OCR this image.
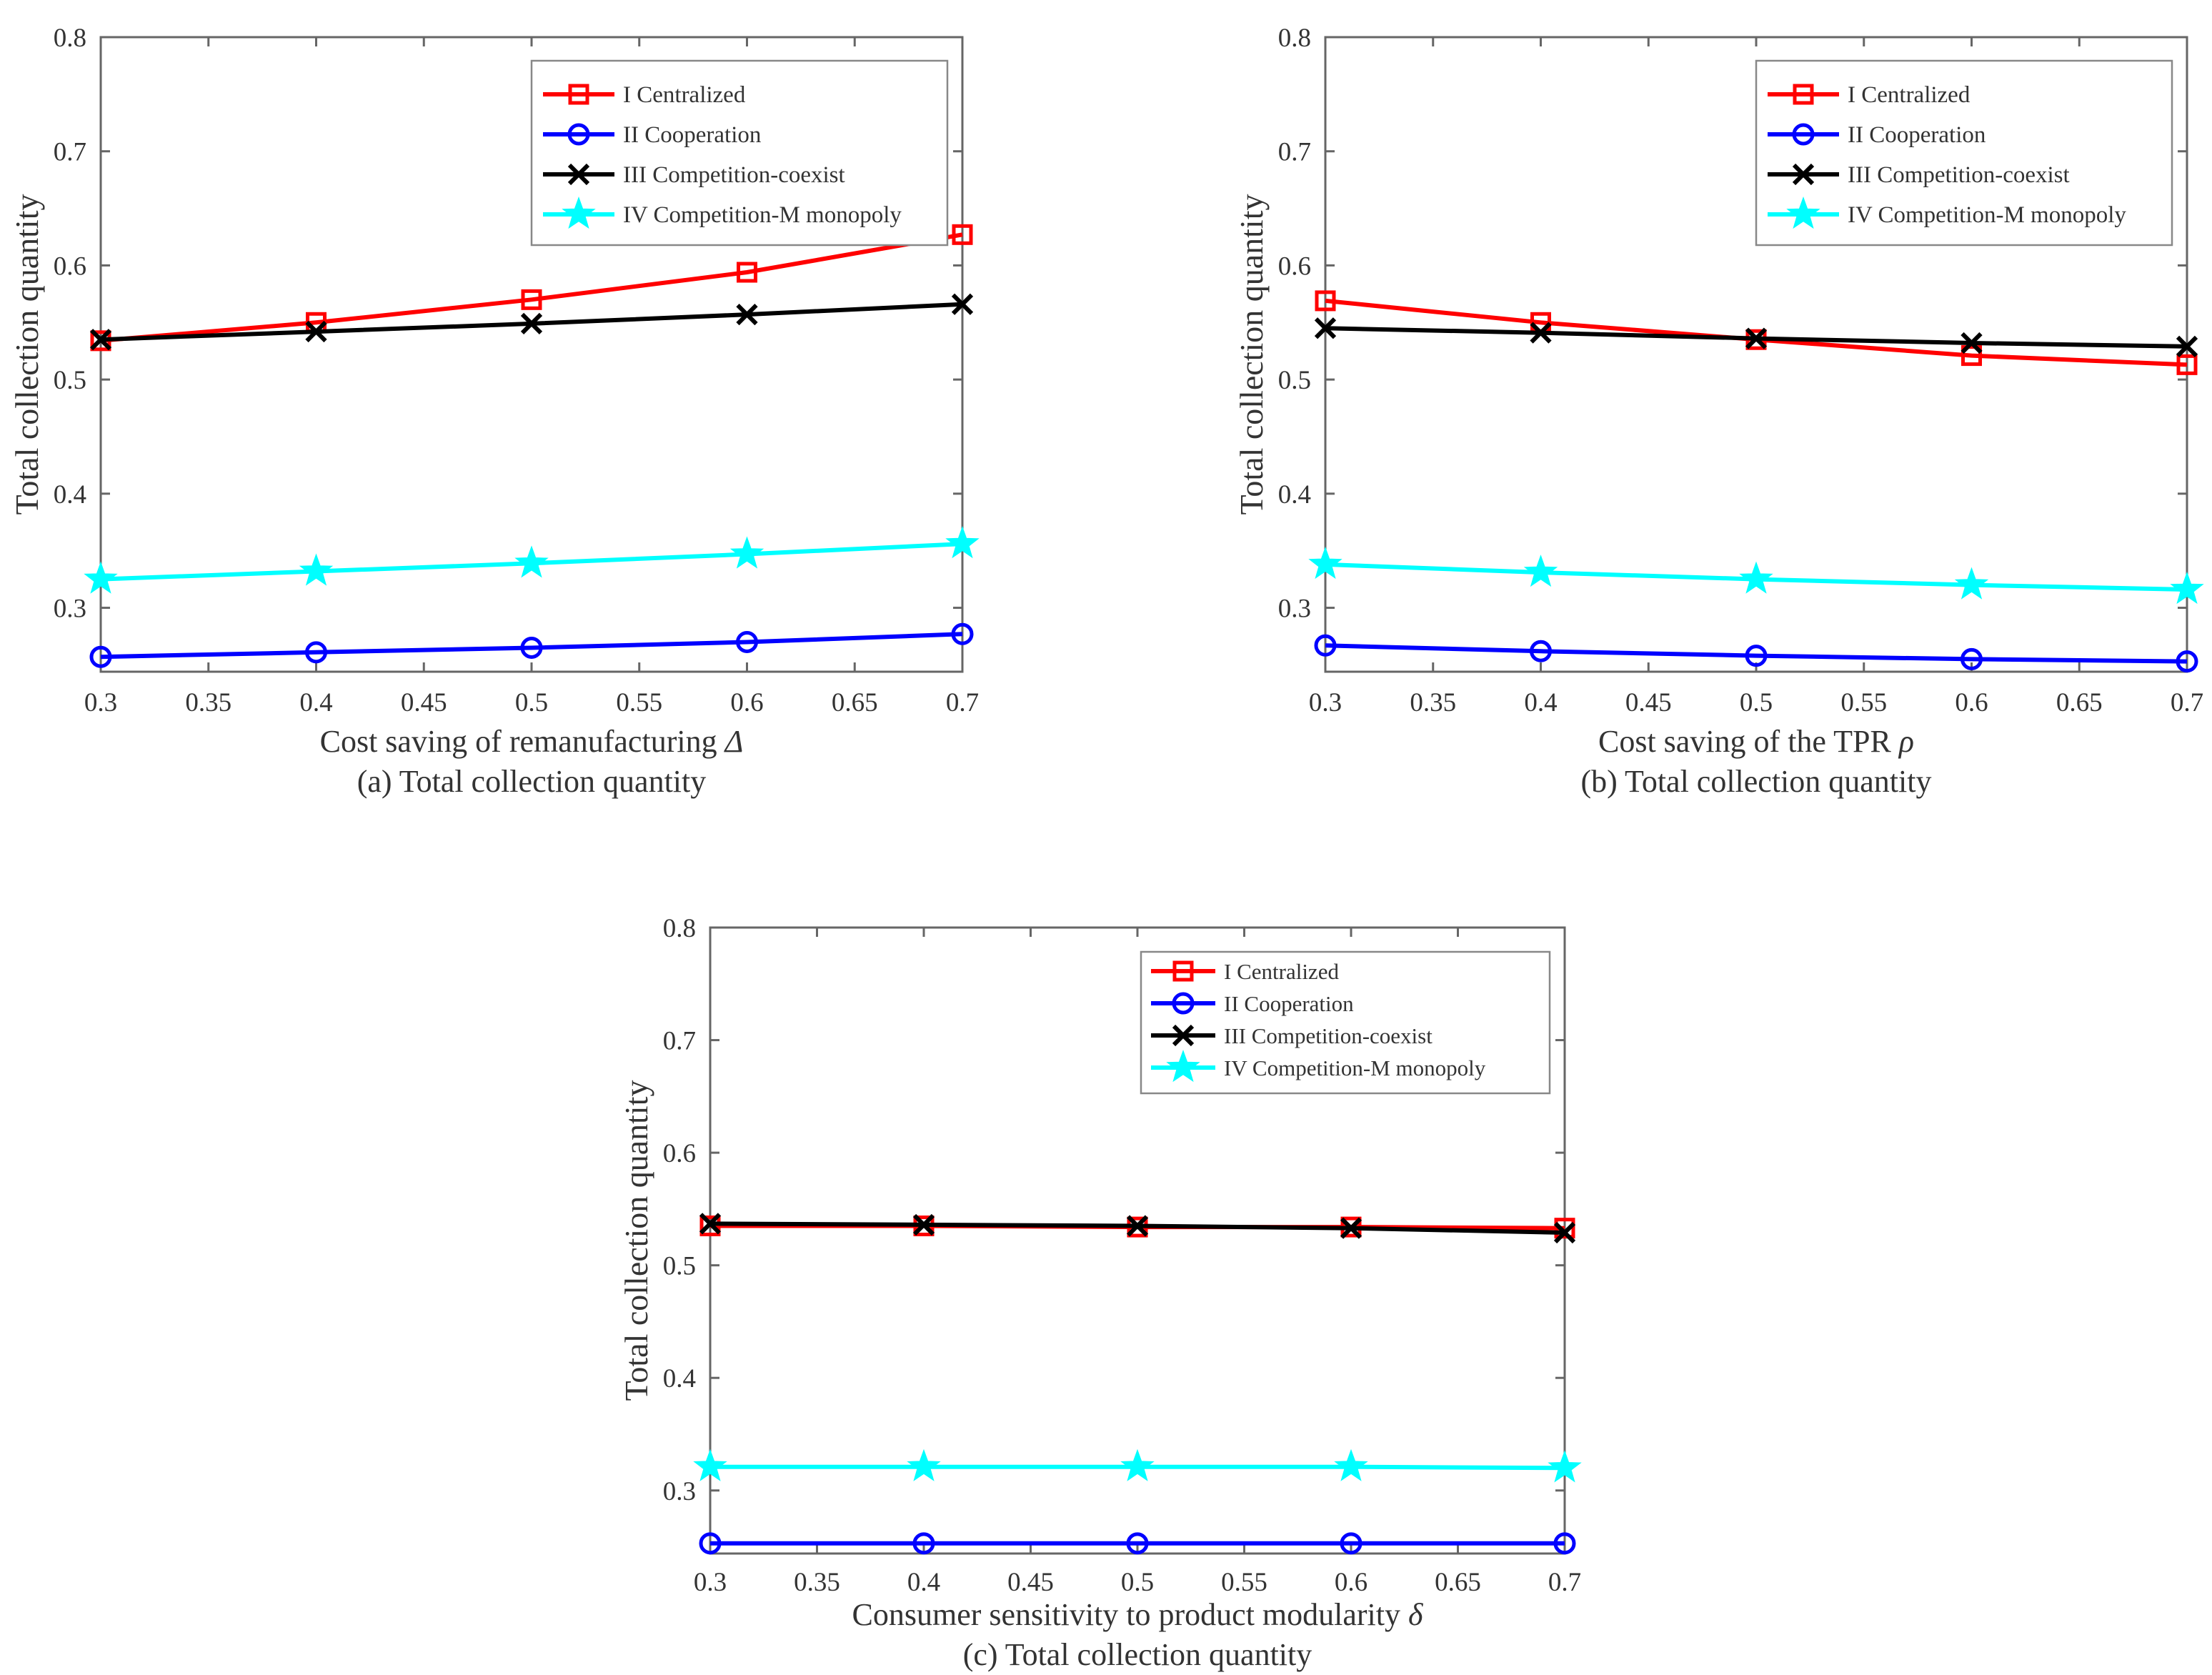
0.3	0.35	0.4	0.45	0.5	0.55	0.6	0.65	0.7
0.3
0.4
0.5
0.6
0.7
0.8
Total collection quantity
Cost saving of remanufacturing Δ
(a) Total collection quantity
I Centralized
II Cooperation
III Competition-coexist
IV Competition-M monopoly
0.3	0.35	0.4	0.45	0.5	0.55	0.6	0.65	0.7
0.3
0.4
0.5
0.6
0.7
0.8
Total collection quantity
Cost saving of the TPR ρ
(b) Total collection quantity
I Centralized
II Cooperation
III Competition-coexist
IV Competition-M monopoly
0.3	0.35	0.4	0.45	0.5	0.55	0.6	0.65	0.7
0.3
0.4
0.5
0.6
0.7
0.8
Total collection quantity
Consumer sensitivity to product modularity δ
(c) Total collection quantity
I Centralized
II Cooperation
III Competition-coexist
IV Competition-M monopoly
